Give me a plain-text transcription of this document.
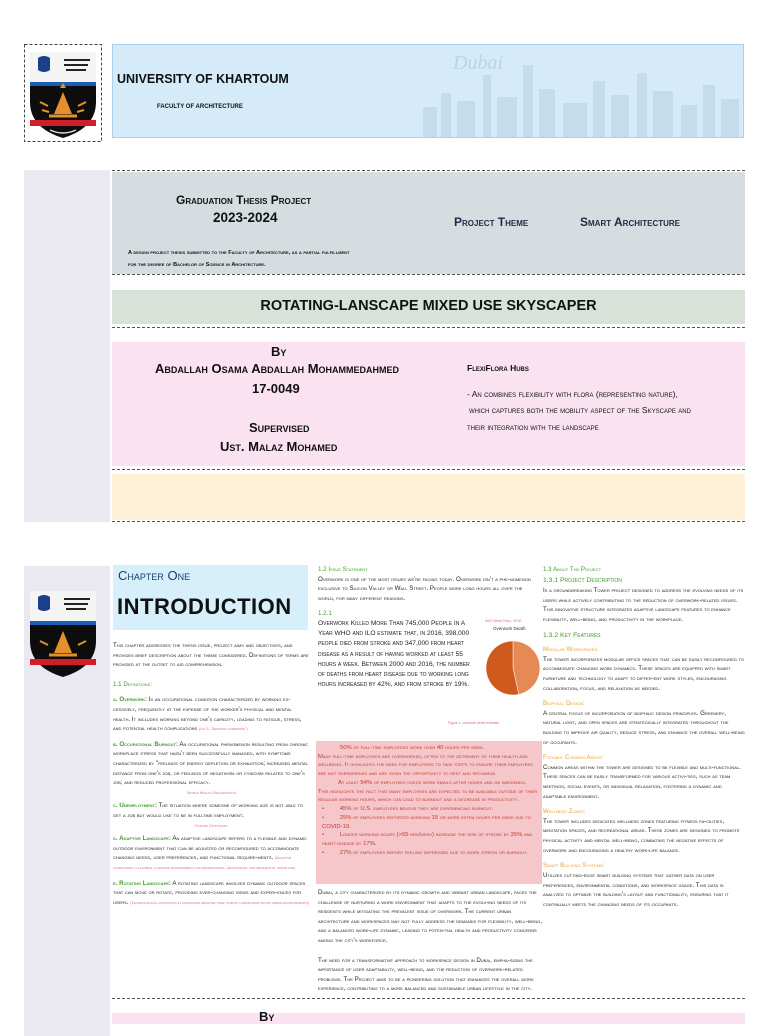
Dubai
UNIVERSITY OF KHARTOUM
FACULTY OF ARCHITECTURE
Graduation Thesis Project
2023-2024	Project Theme	Smart Architecture
A design project thesis submitted to the Faculty of Architecture, as a partial fulfillment
for the degree of Bachelor of Science in Architecture.
ROTATING-LANSCAPE MIXED USE SKYSCAPER
By
Abdallah Osama Abdallah Mohammedahmed
17-0049
Supervised
Ust. Malaz Mohamed
FlexiFlora Hubs
- An combines flexibility with flora (representing nature),
which captures both the mobility aspect of the Skyscape and
their integration with the landscape
Chapter One
INTRODUCTION

This chapter addresses the thesis issue, project aims and objectives, and provides brief description about the theme considered. Definitions of terms are provided at the outset to aid comprehension.

1.1 Definitions:

a. Overwork: Is an occupational condition characterized by working ex-cessively, frequently at the expense of the worker's physical and mental health. It includes working beyond one's capacity, leading to fatigue, stress, and potential health complications (Liu S. "Defining overwork")

b. Occupational Burnout: An occupational phenomenon resulting from chronic workplace stress that hasn't been successfully managed, with symptoms characterized by "feelings of energy depletion or exhaustion; increased mental distance from one's job, or feelings of negativism or cynicism related to one's job; and reduced professional efficacy.

World Health Organization

c. Unemployment: The situation where someone of working age is not able to get a job but would like to be in fulltime employment.

Oxford Dictionary

d. Adaptive Landscape: An adaptive landscape refers to a flexible and dynamic outdoor environment that can be adjusted or reconfigured to accommodate changing needs, user preferences, and functional require-ments. (Adaptive landscapes: a flexible, changing environment for recreational, educational and residential space use)

e. Rotating Landscape: A rotating landscape involves dynamic outdoor spaces that can move or rotate, providing ever-changing views and experi-ences for users. (Technological innovation in landscape architecture: kinetic landscapes within urban environments)

1.2 Issue Statement

Overwork is one of the most issues we're facing today. Overwork isn't a phe-nomenon exclusive to Silicon Valley or Wall Street. People work long hours all over the world, for many different reasons.

1.2.1

Overwork Killed More Than 745,000 People In A Year WHO and ILO estimate that, in 2016, 398,000 people died from stroke and 347,000 from heart disease as a result of having worked at least 55 hours a week. Between 2000 and 2016, the number of deaths from heart disease due to working long hours increased by 42%, and from stroke by 19%.
WHO News Press, "2016"
Overwork Death
Figure 1: overwork death estimate
50% of full-time employees work over 40 hours per week.
Many full-time employees are overworked, often to the detriment of their health and wellbeing. It highlights the need for employers to take steps to ensure their employees are not overworked and are given the opportunity to rest and recharge.
At least 54% of employees check work emails after hours and on weekends.
This highlights the fact that many employees are expected to be available outside of their regular working hours, which can lead to burnout and a decrease in productivity.
• 45% of U.S. employees believe they are experiencing burnout.
• 25% of employees reported working 15 or more extra hours per week due to COVID-19.
• Longer working hours (>55 hrs/week) increase the risk of stroke by 35% and heart disease by 17%.
• 27% of employees report feeling depressed due to work stress or burnout.

Dubai, a city characterized by its dynamic growth and vibrant urban landscape, faces the challenge of nurturing a work environment that adapts to the evolv-ing needs of its residents while mitigating the prevalent issue of overwork. The current urban architecture and workspaces may not fully address the demands for flexibility, well-being, and a balanced work-life dynamic, leading to poten-tial health and productivity concerns among the city's workforce.

The need for a transformative approach to workspace design in Dubai, empha-sizing the importance of user adaptability, well-being, and the reduction of overwork-related problems. The Project aims to be a pioneering solution that enhances the overall work experience, contributing to a more balanced and sustainable urban lifestyle in the city.

1.3 About The Project

1.3.1 Project Description

Is a groundbreaking Tower project designed to address the evolving needs of its users while actively contributing to the reduction of overwork-related issues. This innovative structure integrates adaptive landscape features to enhance flexibility, well-being, and productivity in the workplace.

1.3.2 Key Features

Modular Workspaces:

The tower incorporates modular office spaces that can be easily reconfigured to accommodate changing work dynamics. These spaces are equipped with smart furniture and technology to adapt to differ-ent work styles, encouraging collaboration, focus, and relaxation as needed.

Biophilic Design:

A central focus of incorporation of biophilic design principles. Greenery, natural light, and open spaces are strategically integrated throughout the building to improve air quality, reduce stress, and enhance the overall well-being of occupants.

Flexible Common Areas:

Common areas within the tower are designed to be flexible and multi-functional. These spaces can be easily transformed for various activi-ties, such as team meetings, social events, or individual relaxation, fostering a dynamic and adaptable environment.

Wellness Zones:

The tower includes dedicated wellness zones featuring fitness fa-cilities, meditation spaces, and recreational areas. These zones are designed to promote physical activity and mental well-being, combating the negative effects of overwork and encouraging a healthy work-life balance.

Smart Building Systems:

Utilizes cutting-edge smart building systems that gather data on user preferences, environmental conditions, and workspace usage. This data is analyzed to optimize the building's layout and functionality, ensuring that it continually meets the changing needs of its occupants.

By
